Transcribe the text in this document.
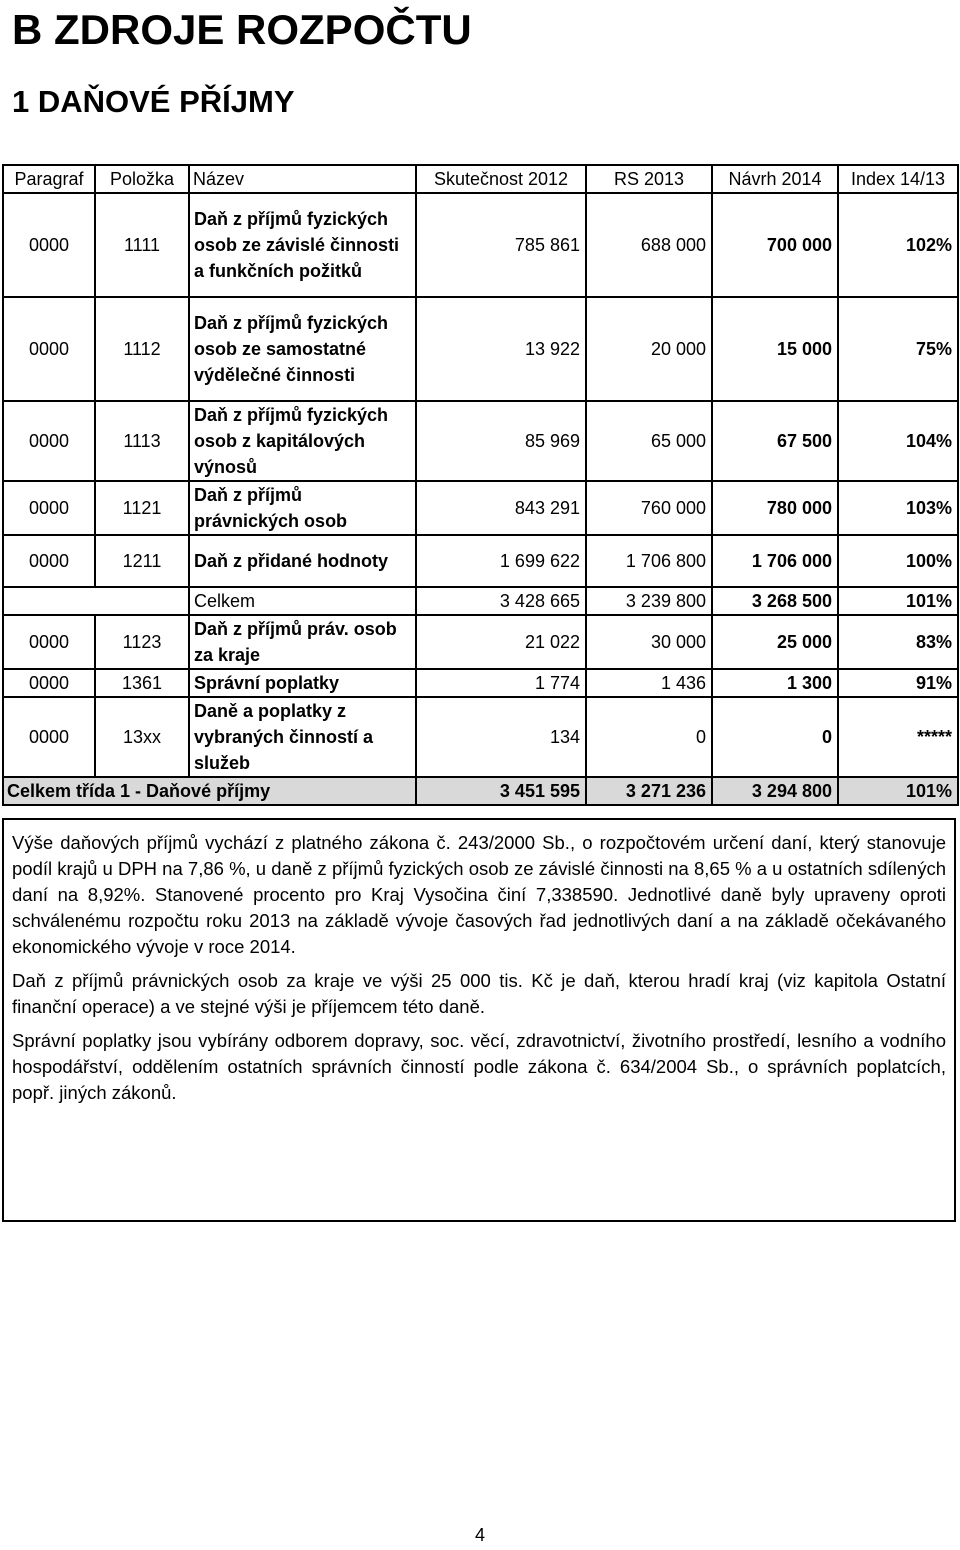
B ZDROJE ROZPOČTU
1 DAŇOVÉ PŘÍJMY
Paragraf	Položka	Název	Skutečnost 2012	RS 2013	Návrh 2014	Index 14/13
0000	1111	Daň z příjmů fyzických osob ze závislé činnosti a funkčních požitků	785 861	688 000	700 000	102%
0000	1112	Daň z příjmů fyzických osob ze samostatné výdělečné činnosti	13 922	20 000	15 000	75%
0000	1113	Daň z příjmů fyzických osob z kapitálových výnosů	85 969	65 000	67 500	104%
0000	1121	Daň z příjmů právnických osob	843 291	760 000	780 000	103%
0000	1211	Daň z přidané hodnoty	1 699 622	1 706 800	1 706 000	100%
		Celkem	3 428 665	3 239 800	3 268 500	101%
0000	1123	Daň z příjmů práv. osob za kraje	21 022	30 000	25 000	83%
0000	1361	Správní poplatky	1 774	1 436	1 300	91%
0000	13xx	Daně a poplatky z vybraných činností a služeb	134	0	0	*****
Celkem třída 1 - Daňové příjmy			3 451 595	3 271 236	3 294 800	101%

Výše daňových příjmů vychází z platného zákona č. 243/2000 Sb., o rozpočtovém určení daní, který stanovuje podíl krajů u DPH na 7,86 %, u daně z příjmů fyzických osob ze závislé činnosti na 8,65 % a u ostatních sdílených daní na 8,92%. Stanovené procento pro Kraj Vysočina činí 7,338590. Jednotlivé daně byly upraveny oproti schválenému rozpočtu roku 2013 na základě vývoje časových řad jednotlivých daní a na základě očekávaného ekonomického vývoje v roce 2014.

Daň z příjmů právnických osob za kraje ve výši 25 000 tis. Kč je daň, kterou hradí kraj (viz kapitola Ostatní finanční operace) a ve stejné výši je příjemcem této daně.

Správní poplatky jsou vybírány odborem dopravy, soc. věcí, zdravotnictví, životního prostředí, lesního a vodního hospodářství, oddělením ostatních správních činností podle zákona č. 634/2004 Sb., o správních poplatcích, popř. jiných zákonů.

4
